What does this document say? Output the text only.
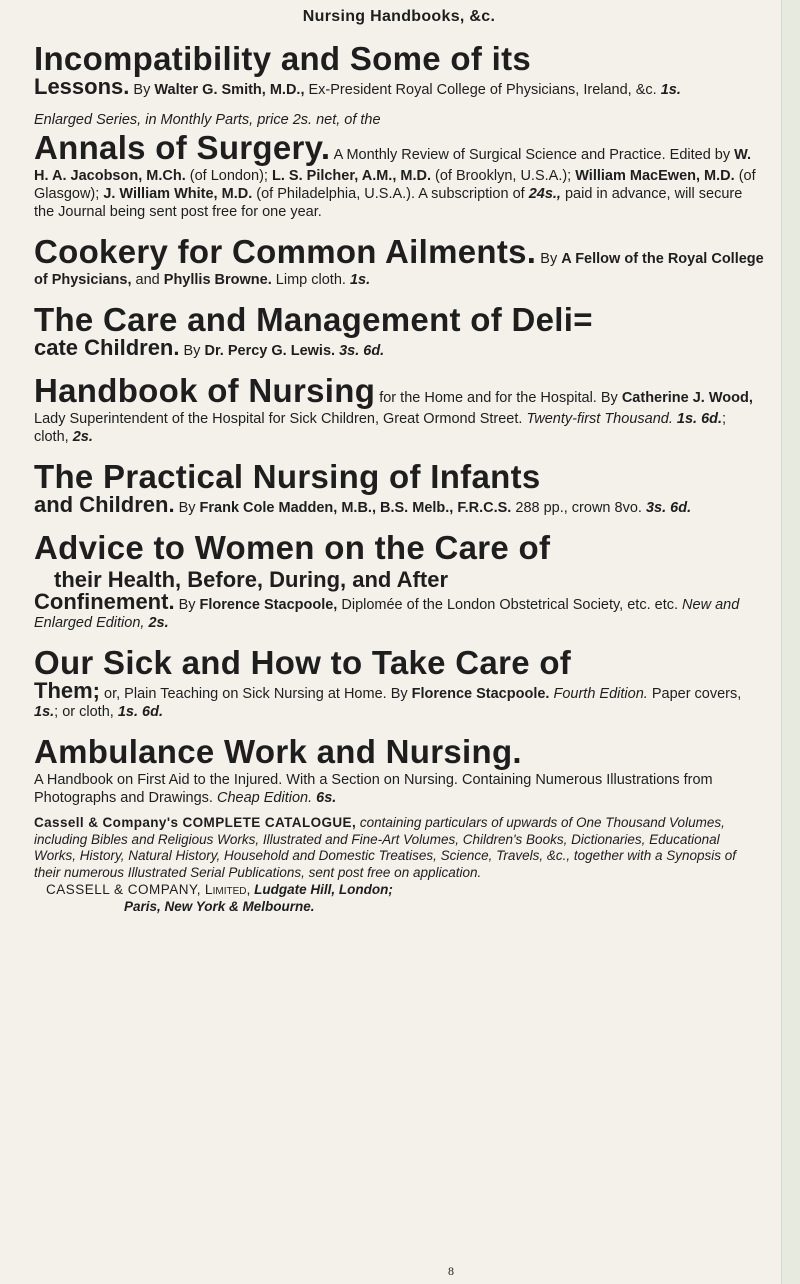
Nursing Handbooks, &c.
Incompatibility and Some of its
Lessons. By Walter G. Smith, M.D., Ex-President Royal College of Physicians, Ireland, &c. 1s.
Enlarged Series, in Monthly Parts, price 2s. net, of the
Annals of Surgery. A Monthly Review of Surgical Science and Practice. Edited by W. H. A. Jacobson, M.Ch. (of London); L. S. Pilcher, A.M., M.D. (of Brooklyn, U.S.A.); William MacEwen, M.D. (of Glasgow); J. William White, M.D. (of Philadelphia, U.S.A.). A subscription of 24s., paid in advance, will secure the Journal being sent post free for one year.
Cookery for Common Ailments. By A Fellow of the Royal College of Physicians, and Phyllis Browne. Limp cloth. 1s.
The Care and Management of Deli=
cate Children. By Dr. Percy G. Lewis. 3s. 6d.
Handbook of Nursing for the Home and for the Hospital. By Catherine J. Wood, Lady Superintendent of the Hospital for Sick Children, Great Ormond Street. Twenty-first Thousand. 1s. 6d.; cloth, 2s.
The Practical Nursing of Infants
and Children. By Frank Cole Madden, M.B., B.S. Melb., F.R.C.S. 288 pp., crown 8vo. 3s. 6d.
Advice to Women on the Care of
their Health, Before, During, and After
Confinement. By Florence Stacpoole, Diplomée of the London Obstetrical Society, etc. etc. New and Enlarged Edition, 2s.
Our Sick and How to Take Care of
Them; or, Plain Teaching on Sick Nursing at Home. By Florence Stacpoole. Fourth Edition. Paper covers, 1s.; or cloth, 1s. 6d.
Ambulance Work and Nursing.
A Handbook on First Aid to the Injured. With a Section on Nursing. Containing Numerous Illustrations from Photographs and Drawings. Cheap Edition. 6s.
Cassell & Company's COMPLETE CATALOGUE, containing particulars of upwards of One Thousand Volumes, including Bibles and Religious Works, Illustrated and Fine-Art Volumes, Children's Books, Dictionaries, Educational Works, History, Natural History, Household and Domestic Treatises, Science, Travels, &c., together with a Synopsis of their numerous Illustrated Serial Publications, sent post free on application.
CASSELL & COMPANY, Limited, Ludgate Hill, London;
Paris, New York & Melbourne.
8
